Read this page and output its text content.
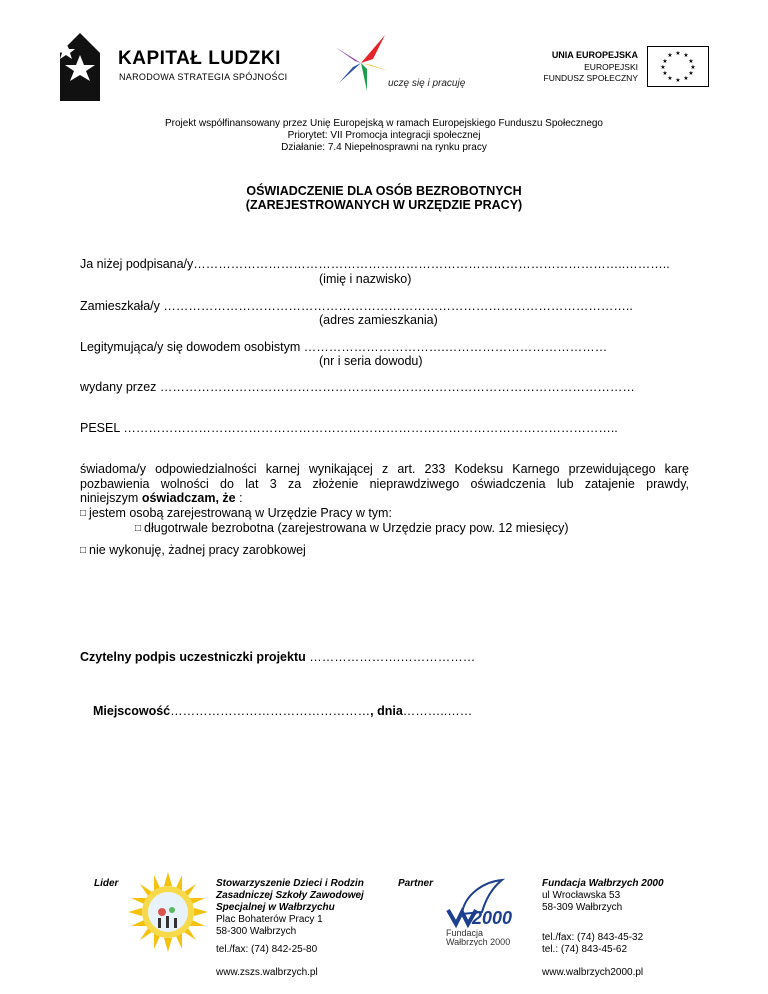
KAPITAŁ LUDZKI
NARODOWA STRATEGIA SPÓJNOŚCI
uczę się i pracuję
UNIA EUROPEJSKA
EUROPEJSKI
FUNDUSZ SPOŁECZNY
★ ★
★
★
★
★
★
★
★
★
★
★
Projekt współfinansowany przez Unię Europejską w ramach Europejskiego Funduszu Społecznego
Priorytet: VII Promocja integracji społecznej
Działanie: 7.4 Niepełnosprawni na rynku pracy
OŚWIADCZENIE DLA OSÓB BEZROBOTNYCH
(ZAREJESTROWANYCH W URZĘDZIE PRACY)
Ja niżej podpisana/y…………………………………………………………………………………………..………..
(imię i nazwisko)
Zamieszkała/y …………………………………………………………………………………………………..
(adres zamieszkania)
Legitymująca/y się dowodem osobistym …………………………….…………………………………
(nr i seria dowodu)
wydany przez ……………………………………………………………………………………………………
PESEL ………………………………………………………………………………………………………..
świadoma/y odpowiedzialności karnej wynikającej z art. 233 Kodeksu Karnego przewidującego karę
pozbawienia wolności do lat 3 za złożenie nieprawdziwego oświadczenia lub zatajenie prawdy,
niniejszym oświadczam, że :
□ jestem osobą zarejestrowaną w Urzędzie Pracy w tym:
□ długotrwale bezrobotna (zarejestrowana w Urzędzie pracy pow. 12 miesięcy)
□ nie wykonuję, żadnej pracy zarobkowej
Czytelny podpis uczestniczki projektu ………………….………………
Miejscowość…………………………………………, dnia………..……
Lider	Stowarzyszenie Dzieci i Rodzin
Zasadniczej Szkoły Zawodowej
Specjalnej w Wałbrzychu
Plac Bohaterów Pracy 1
58-300 Wałbrzych
tel./fax: (74) 842-25-80
www.zszs.walbrzych.pl
Partner
2000
Fundacja
Wałbrzych 2000
Fundacja Wałbrzych 2000
ul Wrocławska 53
58-309 Wałbrzych
tel./fax: (74) 843-45-32
tel.: (74) 843-45-62
www.walbrzych2000.pl
